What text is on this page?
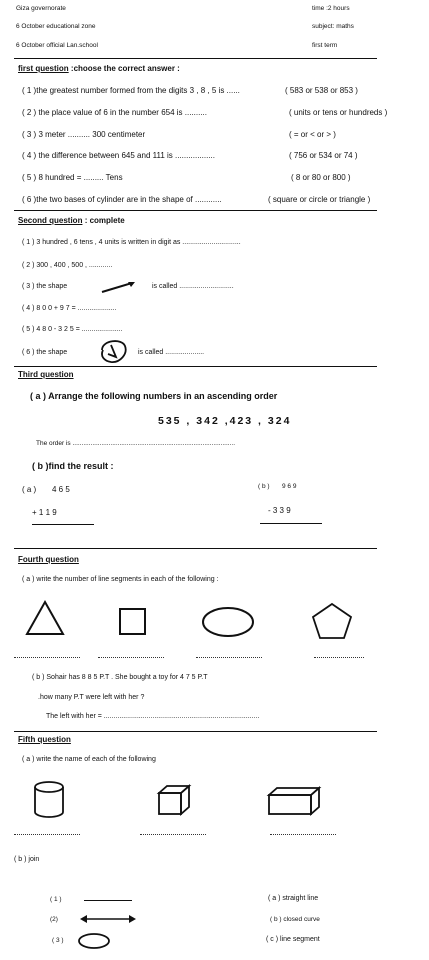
Giza governorate
6 October educational zone
6 October official Lan.school
time :2 hours
subject: maths
first term
first question :choose the correct answer :
( 1 )the greatest number formed from the digits 3 , 8 , 5 is ......	( 583 or 538 or 853 )
( 2 ) the place value of 6 in the number 654 is ..........	( units or tens or hundreds )
( 3 ) 3 meter .......... 300 centimeter	( = or < or > )
( 4 ) the difference between 645 and 111 is ..................	( 756 or 534 or 74 )
( 5 ) 8 hundred = ......... Tens	( 8 or 80 or 800 )
( 6 )the two bases of cylinder are in the shape of ............	( square or circle or triangle )
Second question : complete
( 1 ) 3 hundred , 6 tens , 4 units is written in digit as ..............................
( 2 ) 300 , 400 , 500 , ............
( 3 ) the shape	is called ............................
( 4 ) 8 0 0 + 9 7 = ....................
( 5 ) 4 8 0 - 3 2 5 = .....................
( 6 ) the shape	is called ....................
Third question
( a ) Arrange the following numbers in an ascending order
535 , 342 ,423 , 324
The order is ..........................................................................................
( b )find the result :
( a ) 4 6 5
+ 1 1 9
( b ) 9 6 9
- 3 3 9
Fourth question
( a ) write the number of line segments in each of the following :
( b ) Sohair has 8 8 5 P.T . She bought a toy for 4 7 5 P.T
.how many P.T were left with her ?
The left with her = ................................................................................
Fifth question
( a ) write the name of each of the following
( b ) join
( 1 )
(2)
( 3 )
( a ) straight line
( b ) closed curve
( c ) line segment
